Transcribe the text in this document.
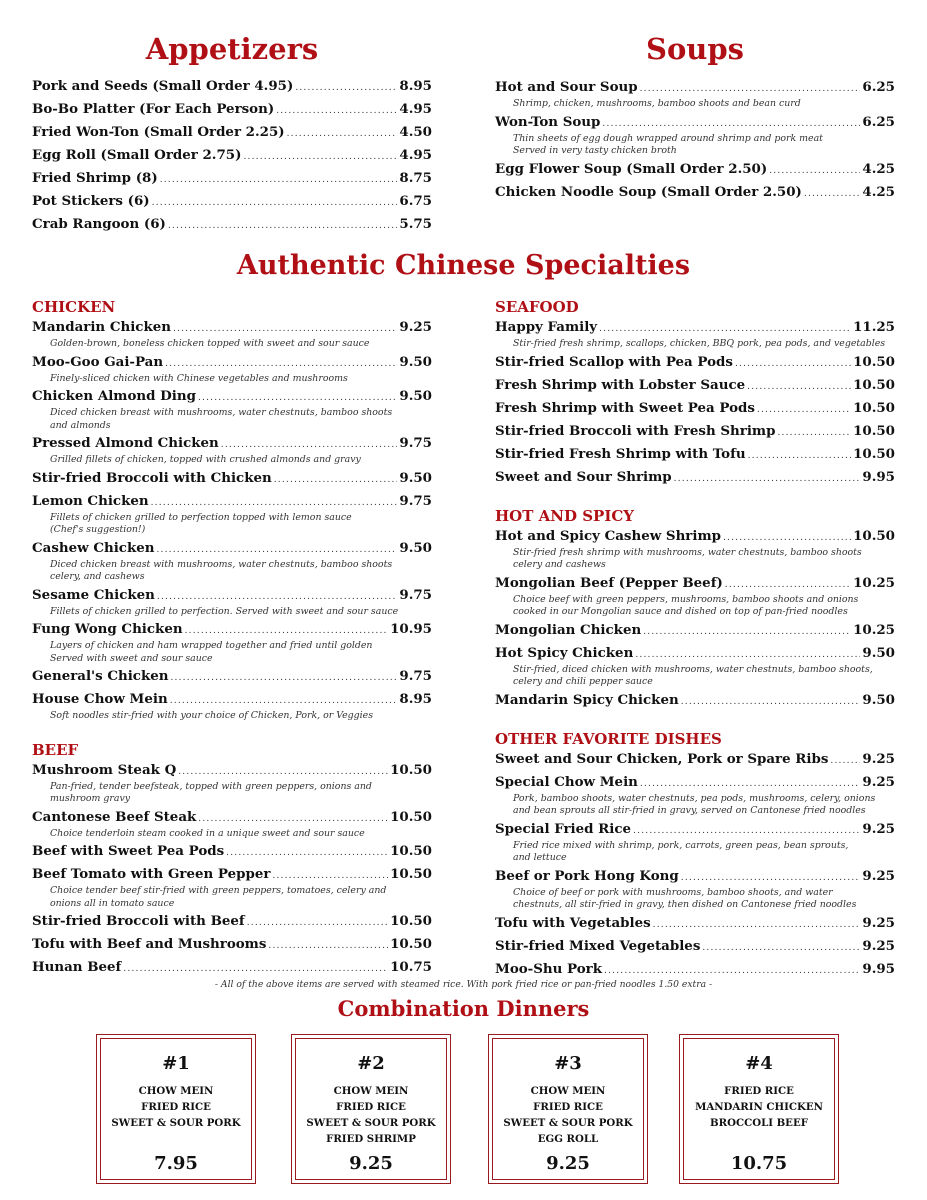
Appetizers	Soups
Pork and Seeds (Small Order 4.95) .....	8.95
Bo-Bo Platter (For Each Person) .....	4.95
Fried Won-Ton (Small Order 2.25) .....	4.50
Egg Roll (Small Order 2.75) .....	4.95
Fried Shrimp (8) .....	8.75
Pot Stickers (6) .....	6.75
Crab Rangoon (6) .....	5.75
Hot and Sour Soup .....	6.25
Shrimp, chicken, mushrooms, bamboo shoots and bean curd
Won-Ton Soup .....	6.25
Thin sheets of egg dough wrapped around shrimp and pork meat
Served in very tasty chicken broth
Egg Flower Soup (Small Order 2.50) .....	4.25
Chicken Noodle Soup (Small Order 2.50) .....	4.25
Authentic Chinese Specialties
CHICKEN
Mandarin Chicken .....	9.25
Golden-brown, boneless chicken topped with sweet and sour sauce
Moo-Goo Gai-Pan .....	9.50
Finely-sliced chicken with Chinese vegetables and mushrooms
Chicken Almond Ding .....	9.50
Diced chicken breast with mushrooms, water chestnuts, bamboo shoots
and almonds
Pressed Almond Chicken .....	9.75
Grilled fillets of chicken, topped with crushed almonds and gravy
Stir-fried Broccoli with Chicken .....	9.50
Lemon Chicken .....	9.75
Fillets of chicken grilled to perfection topped with lemon sauce
(Chef's suggestion!)
Cashew Chicken .....	9.50
Diced chicken breast with mushrooms, water chestnuts, bamboo shoots
celery, and cashews
Sesame Chicken .....	9.75
Fillets of chicken grilled to perfection. Served with sweet and sour sauce
Fung Wong Chicken .....	10.95
Layers of chicken and ham wrapped together and fried until golden
Served with sweet and sour sauce
General's Chicken .....	9.75
House Chow Mein .....	8.95
Soft noodles stir-fried with your choice of Chicken, Pork, or Veggies
BEEF
Mushroom Steak Q .....	10.50
Pan-fried, tender beefsteak, topped with green peppers, onions and
mushroom gravy
Cantonese Beef Steak .....	10.50
Choice tenderloin steam cooked in a unique sweet and sour sauce
Beef with Sweet Pea Pods .....	10.50
Beef Tomato with Green Pepper .....	10.50
Choice tender beef stir-fried with green peppers, tomatoes, celery and
onions all in tomato sauce
Stir-fried Broccoli with Beef .....	10.50
Tofu with Beef and Mushrooms .....	10.50
Hunan Beef .....	10.75
SEAFOOD
Happy Family .....	11.25
Stir-fried fresh shrimp, scallops, chicken, BBQ pork, pea pods, and vegetables
Stir-fried Scallop with Pea Pods .....	10.50
Fresh Shrimp with Lobster Sauce .....	10.50
Fresh Shrimp with Sweet Pea Pods .....	10.50
Stir-fried Broccoli with Fresh Shrimp .....	10.50
Stir-fried Fresh Shrimp with Tofu .....	10.50
Sweet and Sour Shrimp .....	9.95
HOT AND SPICY
Hot and Spicy Cashew Shrimp .....	10.50
Stir-fried fresh shrimp with mushrooms, water chestnuts, bamboo shoots
celery and cashews
Mongolian Beef (Pepper Beef) .....	10.25
Choice beef with green peppers, mushrooms, bamboo shoots and onions
cooked in our Mongolian sauce and dished on top of pan-fried noodles
Mongolian Chicken .....	10.25
Hot Spicy Chicken .....	9.50
Stir-fried, diced chicken with mushrooms, water chestnuts, bamboo shoots,
celery and chili pepper sauce
Mandarin Spicy Chicken .....	9.50
OTHER FAVORITE DISHES
Sweet and Sour Chicken, Pork or Spare Ribs .....	9.25
Special Chow Mein .....	9.25
Pork, bamboo shoots, water chestnuts, pea pods, mushrooms, celery, onions
and bean sprouts all stir-fried in gravy, served on Cantonese fried noodles
Special Fried Rice .....	9.25
Fried rice mixed with shrimp, pork, carrots, green peas, bean sprouts,
and lettuce
Beef or Pork Hong Kong .....	9.25
Choice of beef or pork with mushrooms, bamboo shoots, and water
chestnuts, all stir-fried in gravy, then dished on Cantonese fried noodles
Tofu with Vegetables .....	9.25
Stir-fried Mixed Vegetables .....	9.25
Moo-Shu Pork .....	9.95
- All of the above items are served with steamed rice. With pork fried rice or pan-fried noodles 1.50 extra -
Combination Dinners
#1
CHOW MEIN
FRIED RICE
SWEET & SOUR PORK
7.95
#2
CHOW MEIN
FRIED RICE
SWEET & SOUR PORK
FRIED SHRIMP
9.25
#3
CHOW MEIN
FRIED RICE
SWEET & SOUR PORK
EGG ROLL
9.25
#4
FRIED RICE
MANDARIN CHICKEN
BROCCOLI BEEF
10.75
